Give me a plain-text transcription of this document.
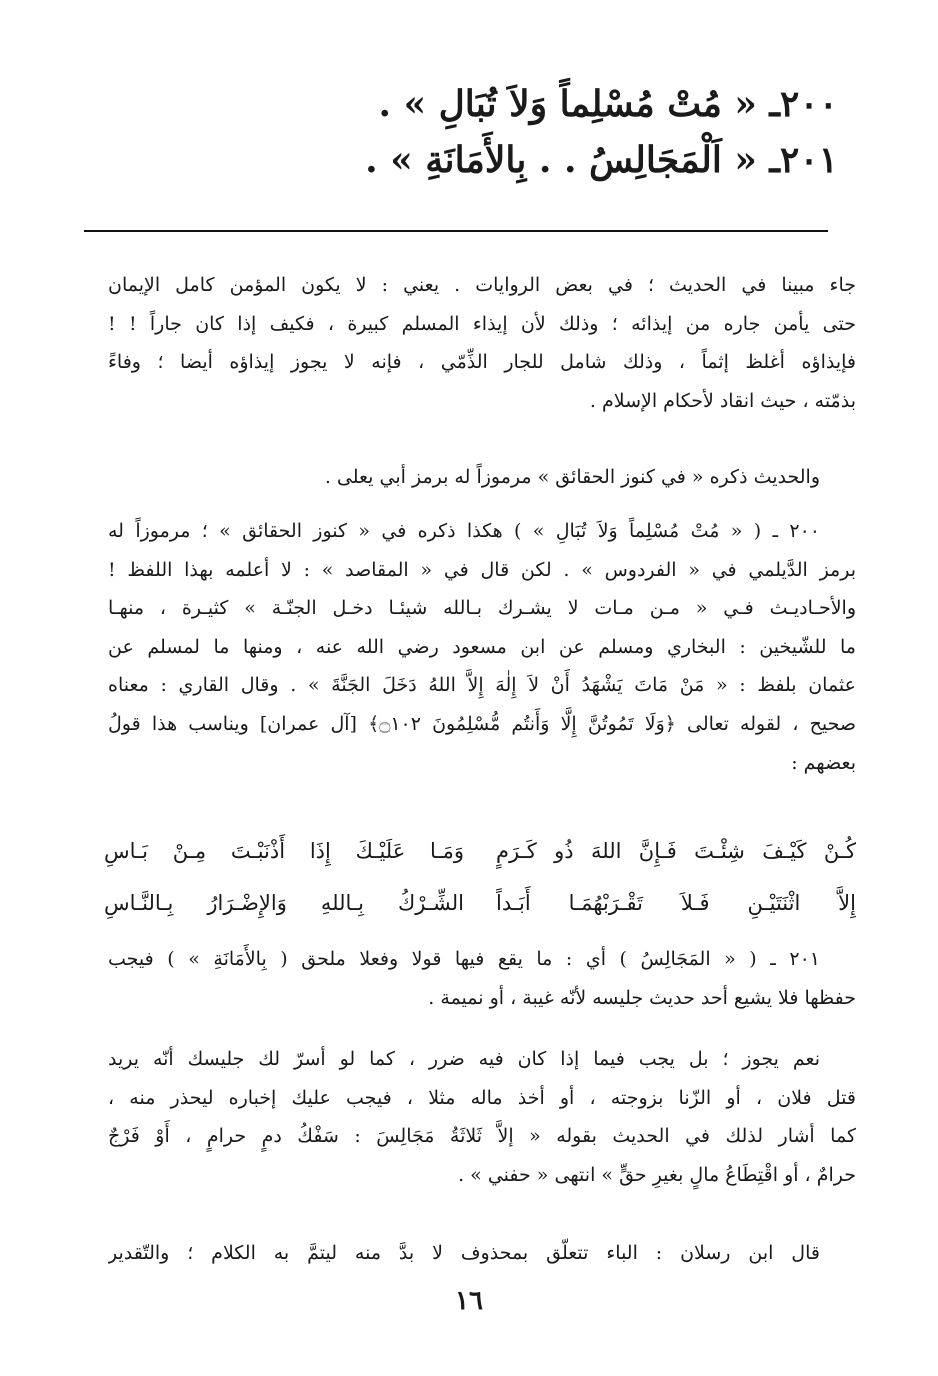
٢٠٠ـ « مُتْ مُسْلِماً وَلاَ تُبَالِ » .
٢٠١ـ « اَلْمَجَالِسُ . . بِالأَمَانَةِ » .
جاء مبينا في الحديث ؛ في بعض الروايات . يعني : لا يكون المؤمن كامل الإيمان
حتى يأمن جاره من إيذائه ؛ وذلك لأن إيذاء المسلم كبيرة ، فكيف إذا كان جاراً ! !
فإيذاؤه أغلظ إثماً ، وذلك شامل للجار الذِّمّي ، فإنه لا يجوز إيذاؤه أيضا ؛ وفاءً
بذمّته ، حيث انقاد لأحكام الإسلام .
والحديث ذكره « في كنوز الحقائق » مرموزاً له برمز أبي يعلى .
٢٠٠ ـ ( « مُتْ مُسْلِماً وَلاَ تُبَالِ » ) هكذا ذكره في « كنوز الحقائق » ؛ مرموزاً له
برمز الدَّيلمي في « الفردوس » . لكن قال في « المقاصد » : لا أعلمه بهذا اللفظ !
والأحـاديـث فـي « مـن مـات لا يشـرك بـالله شيئـا دخـل الجنّـة » كثيـرة ، منهـا
ما للشّيخين : البخاري ومسلم عن ابن مسعود رضي الله عنه ، ومنها ما لمسلم عن
عثمان بلفظ : « مَنْ مَاتَ يَشْهَدُ أَنْ لاَ إِلٰهَ إِلاَّ اللهُ دَخَلَ الجَنَّةَ » . وقال القاري : معناه
صحيح ، لقوله تعالى ﴿وَلَا تَمُوتُنَّ إِلَّا وَأَنتُم مُّسْلِمُونَ ۝١٠٢﴾ [آل عمران] ويناسب هذا قولُ
بعضهم :
كُـنْ كَيْـفَ شِئْـتَ فَـإِنَّ اللهَ ذُو كَـرَمٍ
وَمَـا عَلَيْـكَ إِذَا أَذْنَبْـتَ مِـنْ بَـاسِ
إِلاَّ اثْنَتَيْـنِ فَـلاَ تَقْـرَبْهُمَـا أَبَـداً
الشِّـرْكُ بِـاللهِ وَالإِضْـرَارُ بِـالنَّـاسِ
٢٠١ ـ ( « المَجَالِسُ ) أي : ما يقع فيها قولا وفعلا ملحق ( بِالأَمَانَةِ » ) فيجب
حفظها فلا يشيع أحد حديث جليسه لأنّه غيبة ، أو نميمة .
نعم يجوز ؛ بل يجب فيما إذا كان فيه ضرر ، كما لو أسرّ لك جليسك أنّه يريد
قتل فلان ، أو الزّنا بزوجته ، أو أخذ ماله مثلا ، فيجب عليك إخباره ليحذر منه ،
كما أشار لذلك في الحديث بقوله « إلاَّ ثَلاثَةُ مَجَالِسَ : سَفْكُ دمٍ حرامٍ ، أَوْ فَرْجٌ
حرامٌ ، أو اقْتِطَاعُ مالٍ بغيرِ حقٍّ » انتهى « حفني » .
قال ابن رسلان : الباء تتعلّق بمحذوف لا بدَّ منه ليتمَّ به الكلام ؛ والتّقدير
١٦
